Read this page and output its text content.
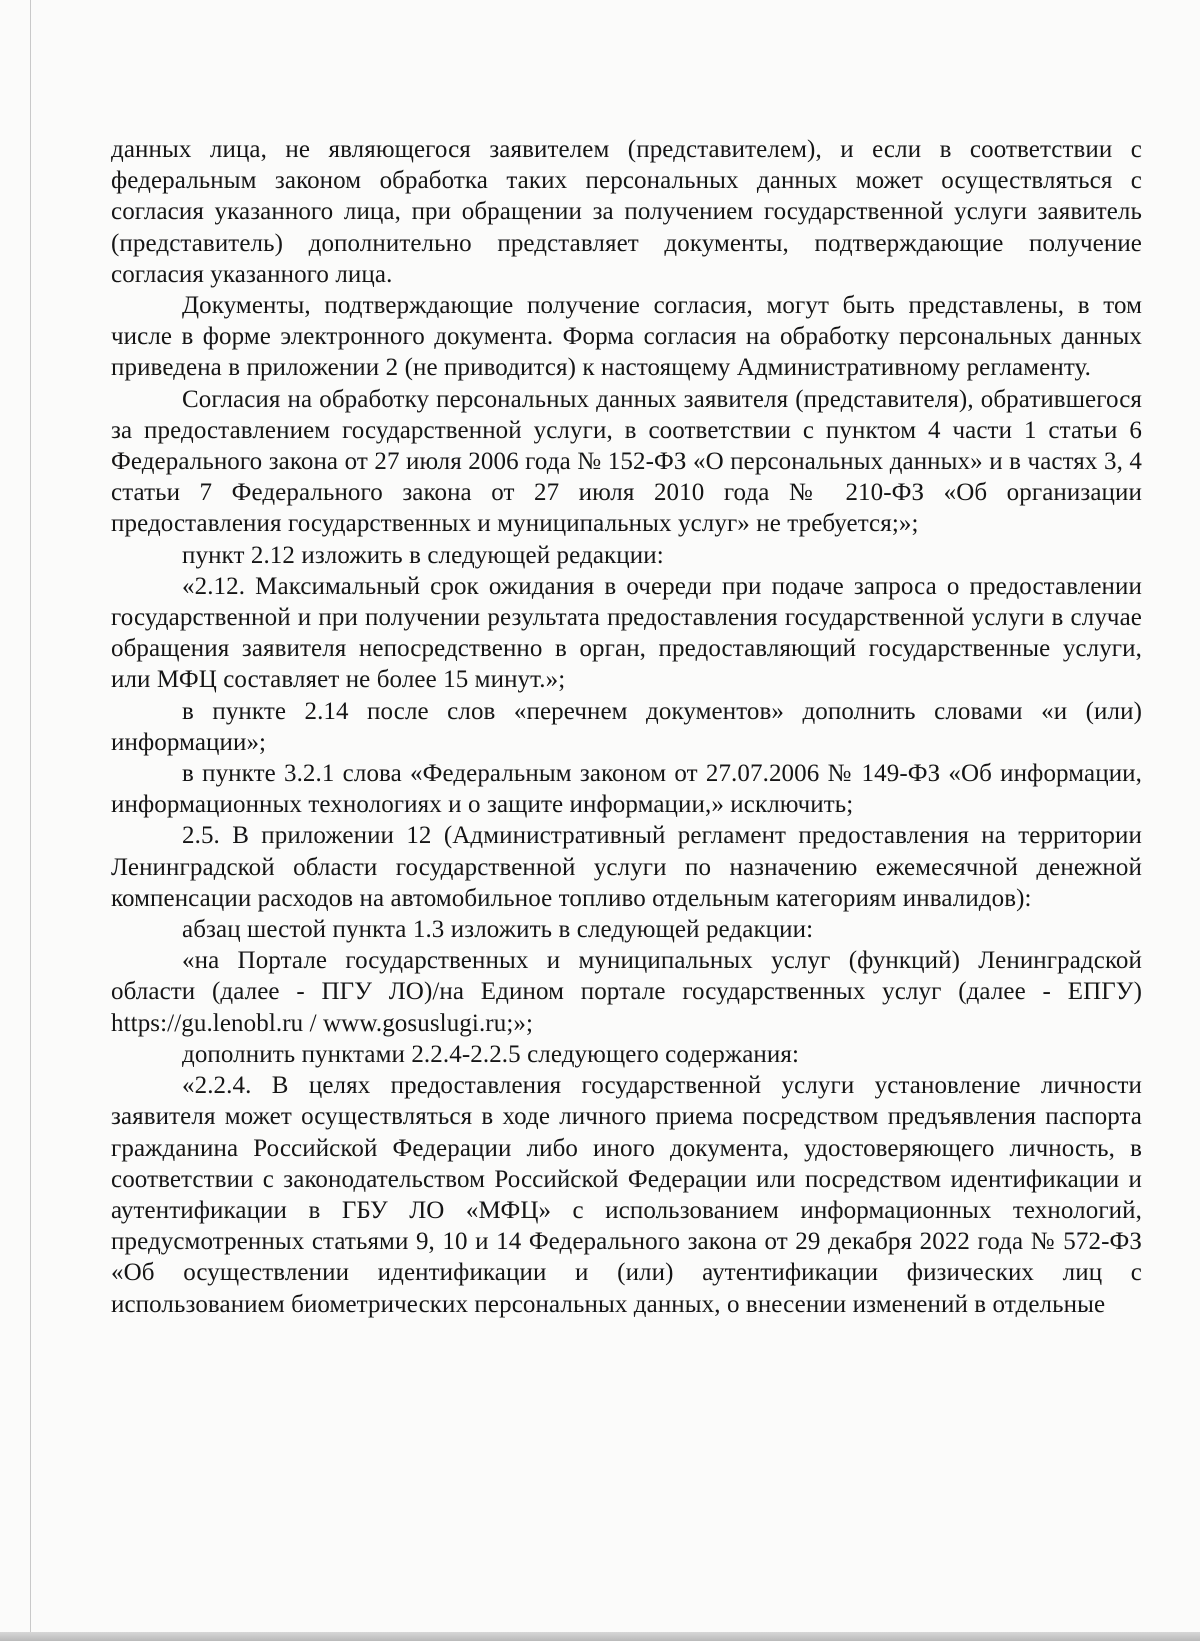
данных лица, не являющегося заявителем (представителем), и если в соответствии с федеральным законом обработка таких персональных данных может осуществляться с согласия указанного лица, при обращении за получением государственной услуги заявитель (представитель) дополнительно представляет документы, подтверждающие получение согласия указанного лица.

Документы, подтверждающие получение согласия, могут быть представлены, в том числе в форме электронного документа. Форма согласия на обработку персональных данных приведена в приложении 2 (не приводится) к настоящему Административному регламенту.

Согласия на обработку персональных данных заявителя (представителя), обратившегося за предоставлением государственной услуги, в соответствии с пунктом 4 части 1 статьи 6 Федерального закона от 27 июля 2006 года № 152-ФЗ «О персональных данных» и в частях 3, 4 статьи 7 Федерального закона от 27 июля 2010 года № 210-ФЗ «Об организации предоставления государственных и муниципальных услуг» не требуется;»;

пункт 2.12 изложить в следующей редакции:

«2.12. Максимальный срок ожидания в очереди при подаче запроса о предоставлении государственной и при получении результата предоставления государственной услуги в случае обращения заявителя непосредственно в орган, предоставляющий государственные услуги, или МФЦ составляет не более 15 минут.»;

в пункте 2.14 после слов «перечнем документов» дополнить словами «и (или) информации»;

в пункте 3.2.1 слова «Федеральным законом от 27.07.2006 № 149-ФЗ «Об информации, информационных технологиях и о защите информации,» исключить;

2.5. В приложении 12 (Административный регламент предоставления на территории Ленинградской области государственной услуги по назначению ежемесячной денежной компенсации расходов на автомобильное топливо отдельным категориям инвалидов):

абзац шестой пункта 1.3 изложить в следующей редакции:

«на Портале государственных и муниципальных услуг (функций) Ленинградской области (далее - ПГУ ЛО)/на Едином портале государственных услуг (далее - ЕПГУ) https://gu.lenobl.ru / www.gosuslugi.ru;»;

дополнить пунктами 2.2.4-2.2.5 следующего содержания:

«2.2.4. В целях предоставления государственной услуги установление личности заявителя может осуществляться в ходе личного приема посредством предъявления паспорта гражданина Российской Федерации либо иного документа, удостоверяющего личность, в соответствии с законодательством Российской Федерации или посредством идентификации и аутентификации в ГБУ ЛО «МФЦ» с использованием информационных технологий, предусмотренных статьями 9, 10 и 14 Федерального закона от 29 декабря 2022 года № 572-ФЗ «Об осуществлении идентификации и (или) аутентификации физических лиц с использованием биометрических персональных данных, о внесении изменений в отдельные
